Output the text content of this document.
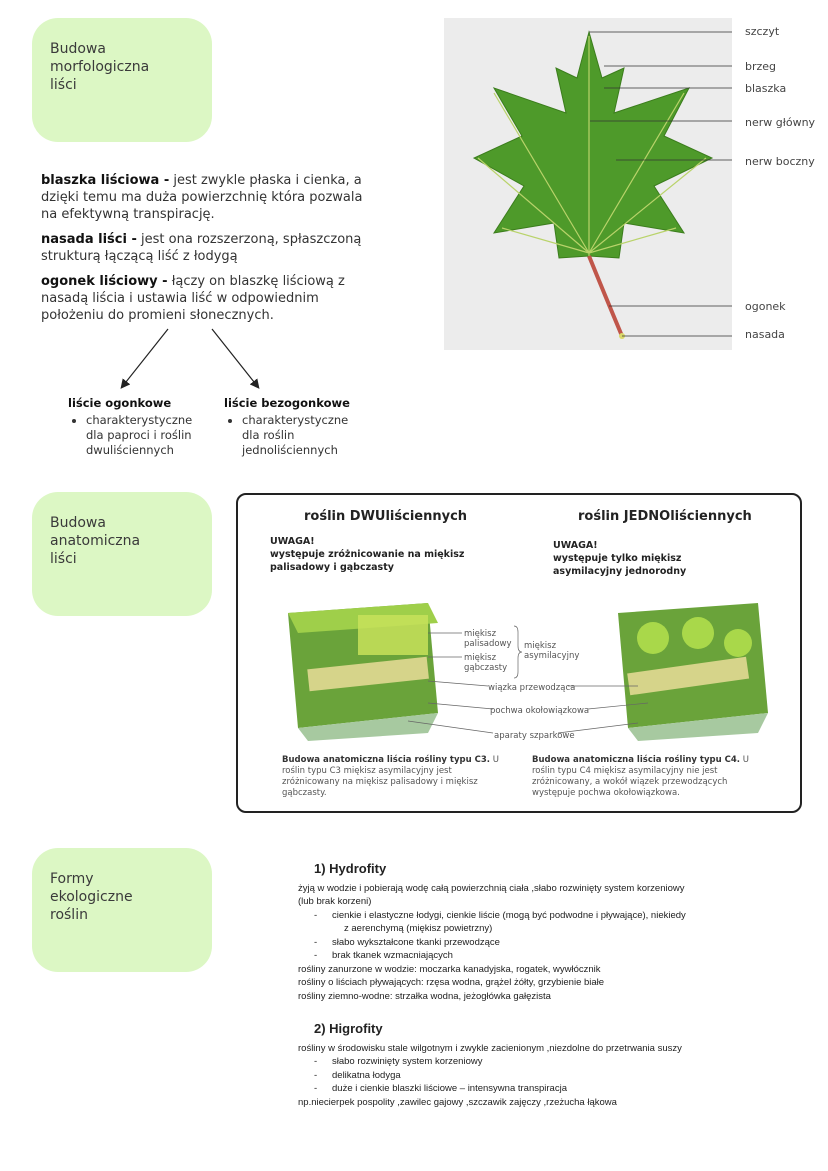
Budowa
morfologiczna
liści

blaszka liściowa - jest zwykle płaska i cienka, a dzięki temu ma duża powierzchnię która pozwala na efektywną transpirację.

nasada liści - jest ona rozszerzoną, spłaszczoną strukturą łączącą liść z łodygą

ogonek liściowy - łączy on blaszkę liściową z nasadą liścia i ustawia liść w odpowiednim położeniu do promieni słonecznych.

liście ogonkowe
• charakterystyczne
dla paproci i roślin
dwuliściennych
liście bezogonkowe
• charakterystyczne
dla roślin
jednoliściennych
szczyt
brzeg
blaszka
nerw główny
nerw boczny
ogonek
nasada
Budowa
anatomiczna
liści
roślin DWUliściennych	roślin JEDNOliściennych
UWAGA!
występuje zróżnicowanie na miękisz
palisadowy i gąbczasty
UWAGA!
występuje tylko miękisz
asymilacyjny jednorodny
miękisz
palisadowy
miękisz
gąbczasty
miękisz
asymilacyjny
wiązka przewodząca
pochwa okołowiązkowa
aparaty szparkowe
Budowa anatomiczna liścia rośliny typu C3. U roślin typu C3 miękisz asymilacyjny jest zróżnicowany na miękisz palisadowy i miękisz gąbczasty.
Budowa anatomiczna liścia rośliny typu C4. U roślin typu C4 miękisz asymilacyjny nie jest zróżnicowany, a wokół wiązek przewodzących występuje pochwa okołowiązkowa.
Formy
ekologiczne
roślin
1) Hydrofity

żyją w wodzie i pobierają wodę całą powierzchnią ciała ,słabo rozwinięty system korzeniowy

(lub brak korzeni)

- cienkie i elastyczne łodygi, cienkie liście (mogą być podwodne i pływające), niekiedy

z aerenchymą (miękisz powietrzny)

- słabo wykształcone tkanki przewodzące

- brak tkanek wzmacniających

rośliny zanurzone w wodzie: moczarka kanadyjska, rogatek, wywłócznik

rośliny o liściach pływających: rzęsa wodna, grążel żółty, grzybienie białe

rośliny ziemno-wodne: strzałka wodna, jeżogłówka gałęzista

2) Higrofity

rośliny w środowisku stale wilgotnym i zwykle zacienionym ,niezdolne do przetrwania suszy

- słabo rozwinięty system korzeniowy

- delikatna łodyga

- duże i cienkie blaszki liściowe – intensywna transpiracja

np.niecierpek pospolity ,zawilec gajowy ,szczawik zajęczy ,rzeżucha łąkowa
